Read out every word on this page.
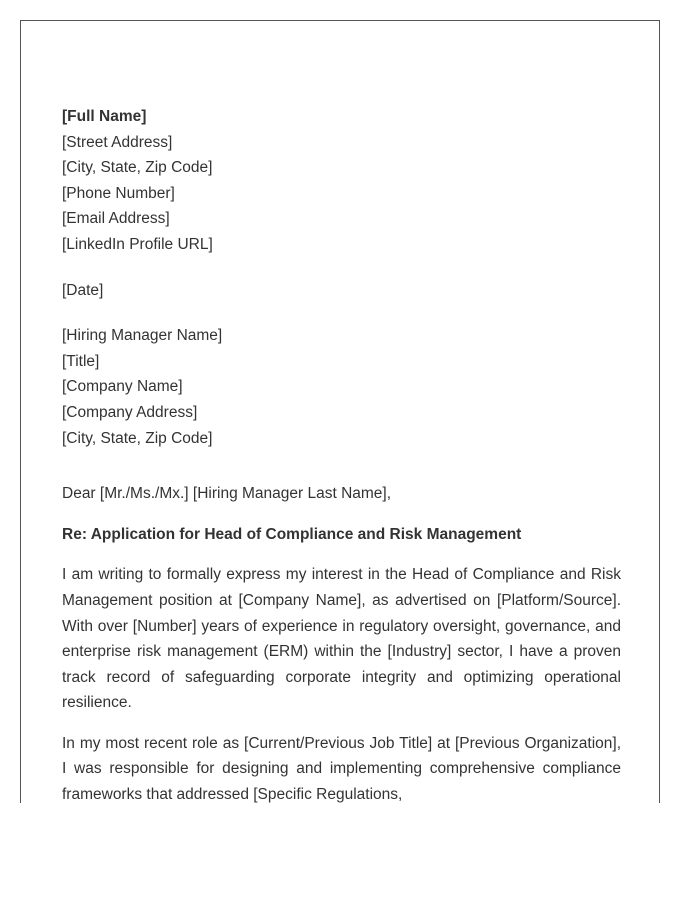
[Full Name]
[Street Address]
[City, State, Zip Code]
[Phone Number]
[Email Address]
[LinkedIn Profile URL]
[Date]
[Hiring Manager Name]
[Title]
[Company Name]
[Company Address]
[City, State, Zip Code]
Dear [Mr./Ms./Mx.] [Hiring Manager Last Name],
Re: Application for Head of Compliance and Risk Management

I am writing to formally express my interest in the Head of Compliance and Risk Management position at [Company Name], as advertised on [Platform/Source]. With over [Number] years of experience in regulatory oversight, governance, and enterprise risk management (ERM) within the [Industry] sector, I have a proven track record of safeguarding corporate integrity and optimizing operational resilience.

In my most recent role as [Current/Previous Job Title] at [Previous Organization], I was responsible for designing and implementing comprehensive compliance frameworks that addressed [Specific Regulations,
